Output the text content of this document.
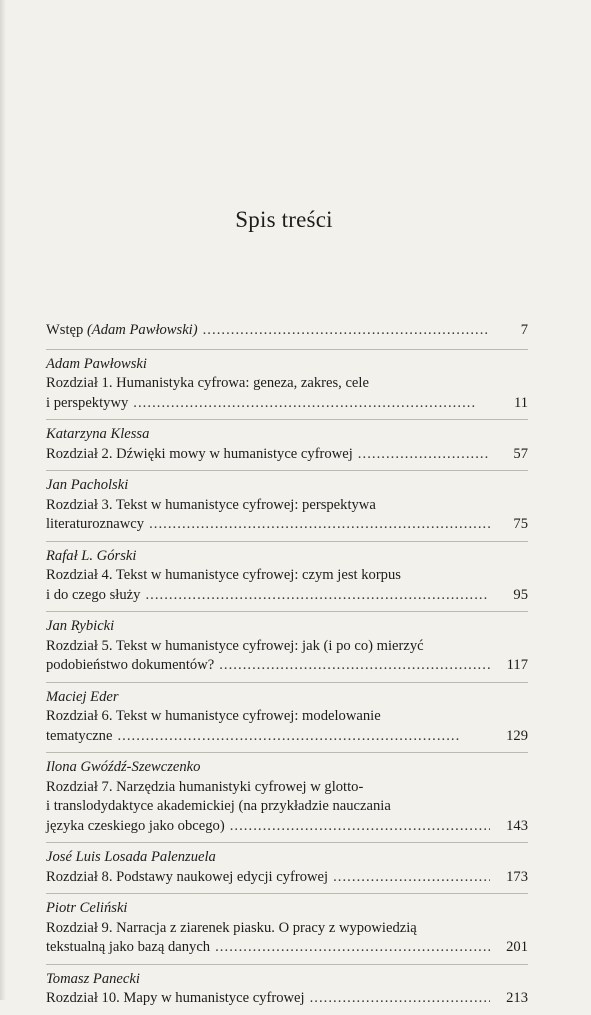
Spis treści
Wstęp (Adam Pawłowski) . . .	7
Adam Pawłowski
Rozdział 1. Humanistyka cyfrowa: geneza, zakres, cele
i perspektywy . . .	11
Katarzyna Klessa
Rozdział 2. Dźwięki mowy w humanistyce cyfrowej . . .	57
Jan Pacholski
Rozdział 3. Tekst w humanistyce cyfrowej: perspektywa
literaturoznawcy . . .	75
Rafał L. Górski
Rozdział 4. Tekst w humanistyce cyfrowej: czym jest korpus
i do czego służy . . .	95
Jan Rybicki
Rozdział 5. Tekst w humanistyce cyfrowej: jak (i po co) mierzyć
podobieństwo dokumentów? . . .	117
Maciej Eder
Rozdział 6. Tekst w humanistyce cyfrowej: modelowanie
tematyczne . . .	129
Ilona Gwóźdź-Szewczenko
Rozdział 7. Narzędzia humanistyki cyfrowej w glotto-
i translodydaktyce akademickiej (na przykładzie nauczania
języka czeskiego jako obcego) . . .	143
José Luis Losada Palenzuela
Rozdział 8. Podstawy naukowej edycji cyfrowej . . .	173
Piotr Celiński
Rozdział 9. Narracja z ziarenek piasku. O pracy z wypowiedzią
tekstualną jako bazą danych . . .	201
Tomasz Panecki
Rozdział 10. Mapy w humanistyce cyfrowej . . .	213
